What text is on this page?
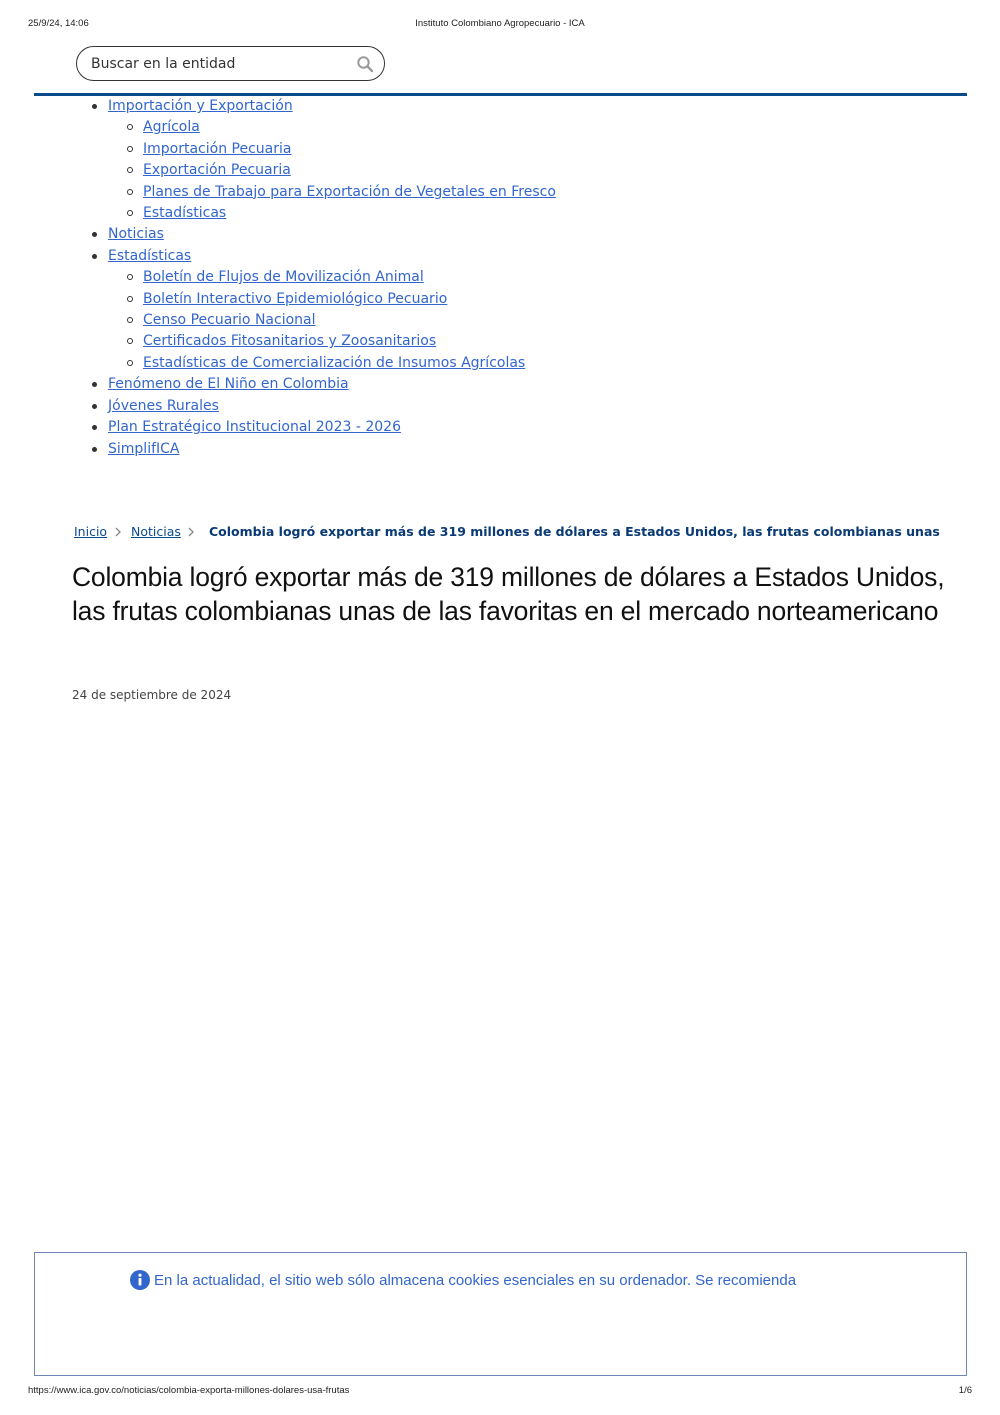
25/9/24, 14:06	Instituto Colombiano Agropecuario - ICA
Buscar en la entidad
Importación y Exportación
Agrícola
Importación Pecuaria
Exportación Pecuaria
Planes de Trabajo para Exportación de Vegetales en Fresco
Estadísticas
Noticias
Estadísticas
Boletín de Flujos de Movilización Animal
Boletín Interactivo Epidemiológico Pecuario
Censo Pecuario Nacional
Certificados Fitosanitarios y Zoosanitarios
Estadísticas de Comercialización de Insumos Agrícolas
Fenómeno de El Niño en Colombia
Jóvenes Rurales
Plan Estratégico Institucional 2023 - 2026
SimplifICA
Inicio Noticias Colombia logró exportar más de 319 millones de dólares a Estados Unidos, las frutas colombianas unas
Colombia logró exportar más de 319 millones de dólares a Estados Unidos, las frutas colombianas unas de las favoritas en el mercado norteamericano
24 de septiembre de 2024
En la actualidad, el sitio web sólo almacena cookies esenciales en su ordenador. Se recomienda
https://www.ica.gov.co/noticias/colombia-exporta-millones-dolares-usa-frutas	1/6
